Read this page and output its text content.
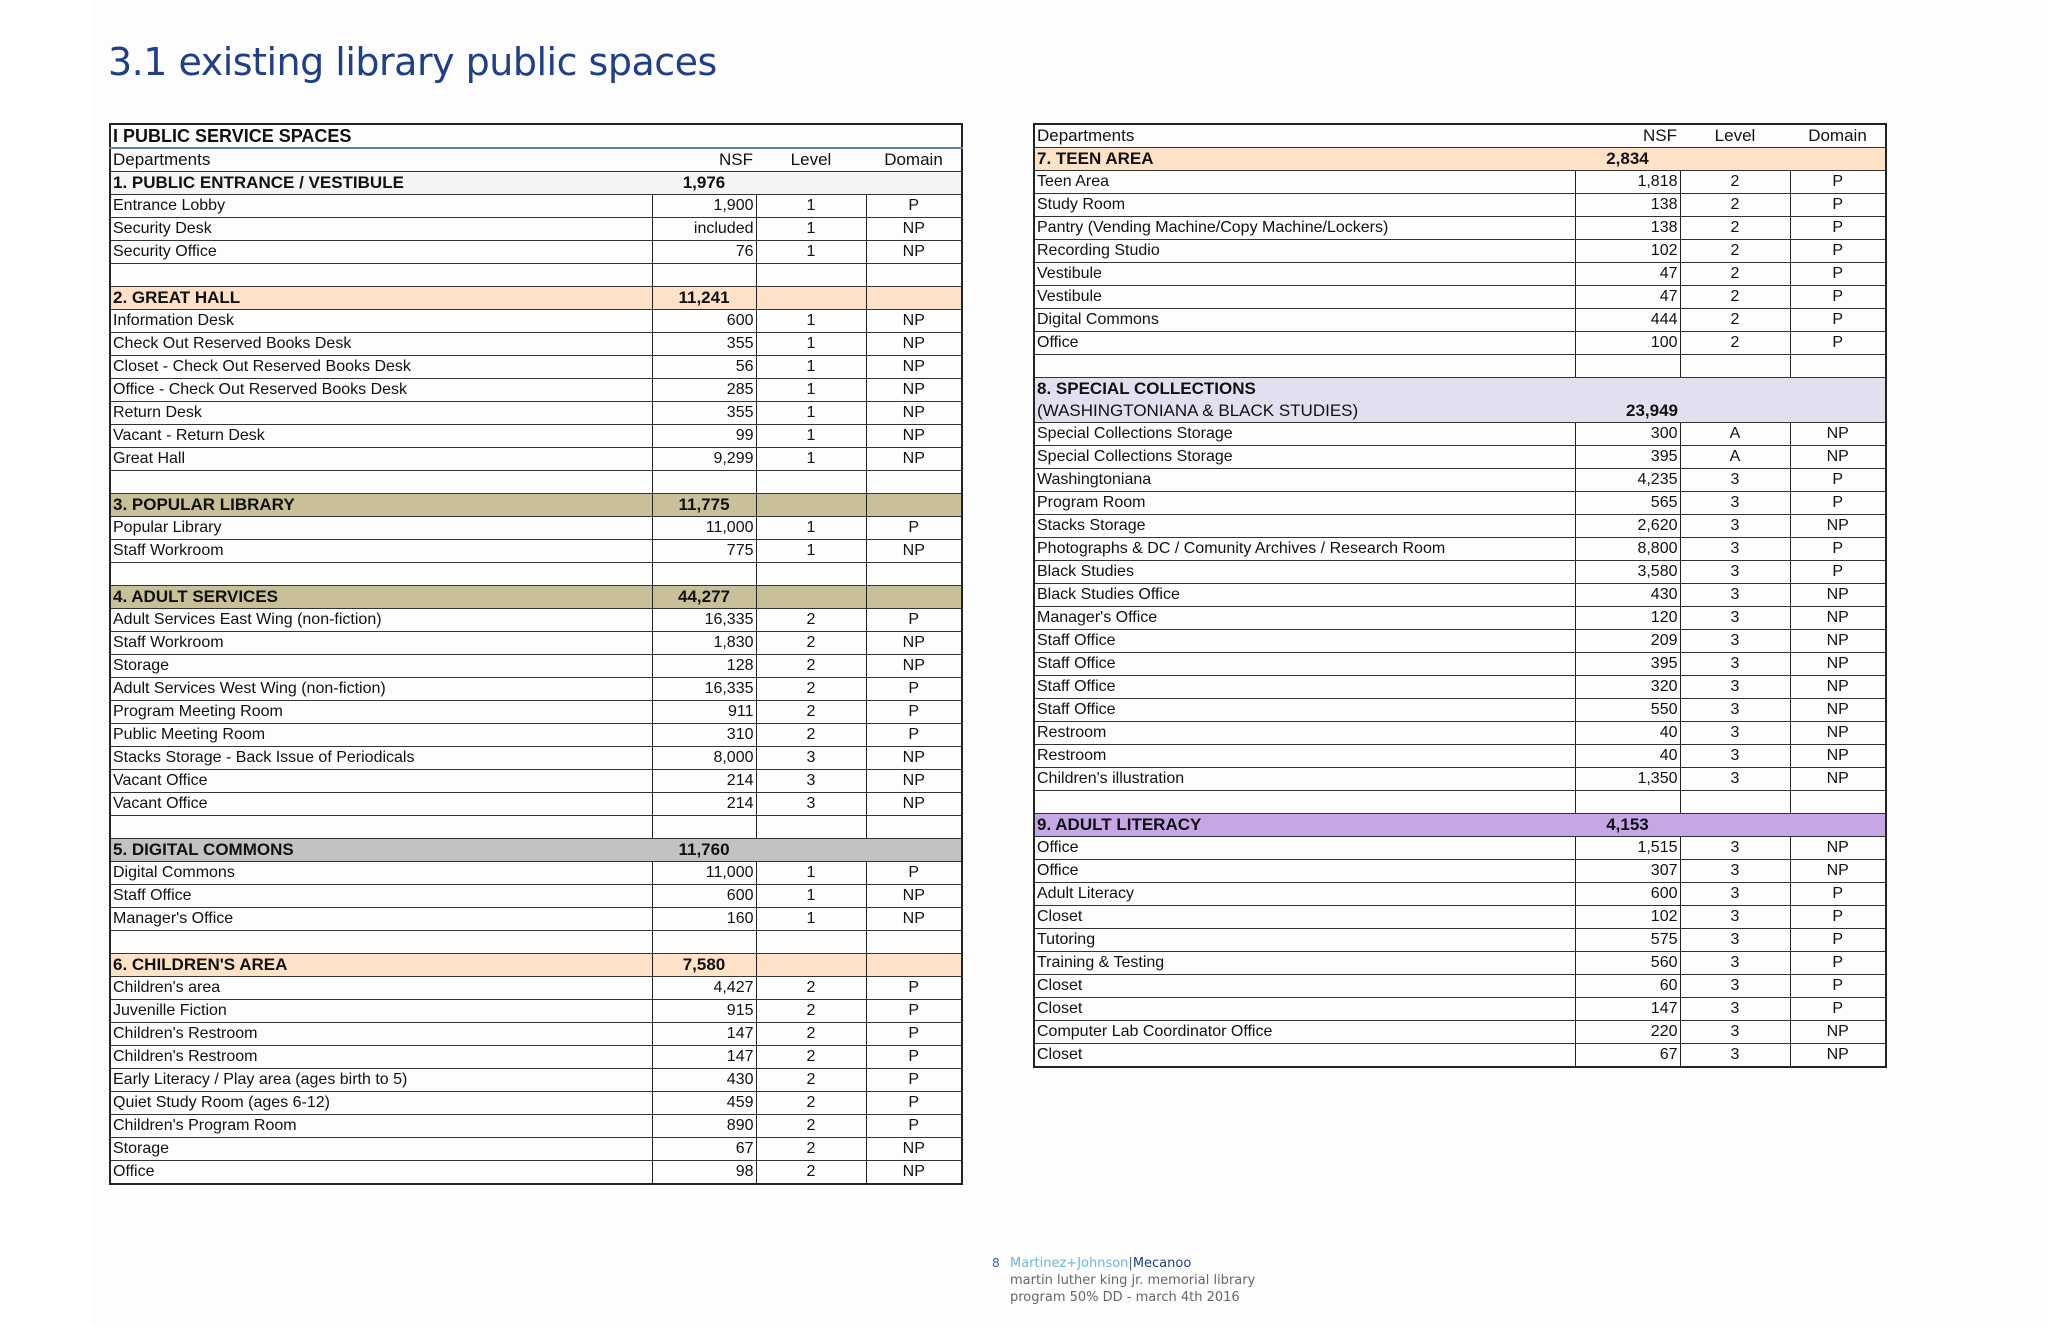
3.1 existing library public spaces
I PUBLIC SERVICE SPACES			
Departments	NSF	Level	Domain
1. PUBLIC ENTRANCE / VESTIBULE	1,976		
Entrance Lobby	1,900	1	P
Security Desk	included	1	NP
Security Office	76	1	NP

2. GREAT HALL	11,241		
Information Desk	600	1	NP
Check Out Reserved Books Desk	355	1	NP
Closet - Check Out Reserved Books Desk	56	1	NP
Office - Check Out Reserved Books Desk	285	1	NP
Return Desk	355	1	NP
Vacant - Return Desk	99	1	NP
Great Hall	9,299	1	NP

3. POPULAR LIBRARY	11,775		
Popular Library	11,000	1	P
Staff Workroom	775	1	NP

4. ADULT SERVICES	44,277		
Adult Services East Wing (non-fiction)	16,335	2	P
Staff Workroom	1,830	2	NP
Storage	128	2	NP
Adult Services West Wing (non-fiction)	16,335	2	P
Program Meeting Room	911	2	P
Public Meeting Room	310	2	P
Stacks Storage - Back Issue of Periodicals	8,000	3	NP
Vacant Office	214	3	NP
Vacant Office	214	3	NP

5. DIGITAL COMMONS	11,760		
Digital Commons	11,000	1	P
Staff Office	600	1	NP
Manager's Office	160	1	NP

6. CHILDREN'S AREA	7,580		
Children's area	4,427	2	P
Juvenille Fiction	915	2	P
Children's Restroom	147	2	P
Children's Restroom	147	2	P
Early Literacy / Play area (ages birth to 5)	430	2	P
Quiet Study Room (ages 6-12)	459	2	P
Children's Program Room	890	2	P
Storage	67	2	NP
Office	98	2	NP
Departments	NSF	Level	Domain
7. TEEN AREA	2,834		
Teen Area	1,818	2	P
Study Room	138	2	P
Pantry (Vending Machine/Copy Machine/Lockers)	138	2	P
Recording Studio	102	2	P
Vestibule	47	2	P
Vestibule	47	2	P
Digital Commons	444	2	P
Office	100	2	P

8. SPECIAL COLLECTIONS			
(WASHINGTONIANA & BLACK STUDIES)	23,949		
Special Collections Storage	300	A	NP
Special Collections Storage	395	A	NP
Washingtoniana	4,235	3	P
Program Room	565	3	P
Stacks Storage	2,620	3	NP
Photographs & DC / Comunity Archives / Research Room	8,800	3	P
Black Studies	3,580	3	P
Black Studies Office	430	3	NP
Manager's Office	120	3	NP
Staff Office	209	3	NP
Staff Office	395	3	NP
Staff Office	320	3	NP
Staff Office	550	3	NP
Restroom	40	3	NP
Restroom	40	3	NP
Children's illustration	1,350	3	NP

9. ADULT LITERACY	4,153		
Office	1,515	3	NP
Office	307	3	NP
Adult Literacy	600	3	P
Closet	102	3	P
Tutoring	575	3	P
Training & Testing	560	3	P
Closet	60	3	P
Closet	147	3	P
Computer Lab Coordinator Office	220	3	NP
Closet	67	3	NP
8 Martinez+Johnson|Mecanoo
martin luther king jr. memorial library
program 50% DD - march 4th 2016
